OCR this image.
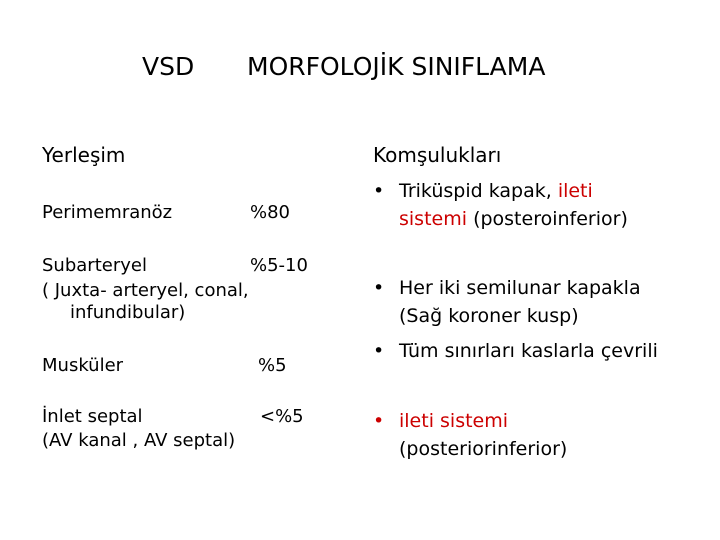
VSD MORFOLOJİK SINIFLAMA
Yerleşim	Komşulukları
Perimemranöz	%80
Subarteryel	%5-10
( Juxta- arteryel, conal,
infundibular)
Musküler	%5
İnlet septal	<%5
(AV kanal , AV septal)
• Triküspid kapak, ileti
sistemi (posteroinferior)
• Her iki semilunar kapakla
(Sağ koroner kusp)
• Tüm sınırları kaslarla çevrili
• ileti sistemi
(posteriorinferior)
